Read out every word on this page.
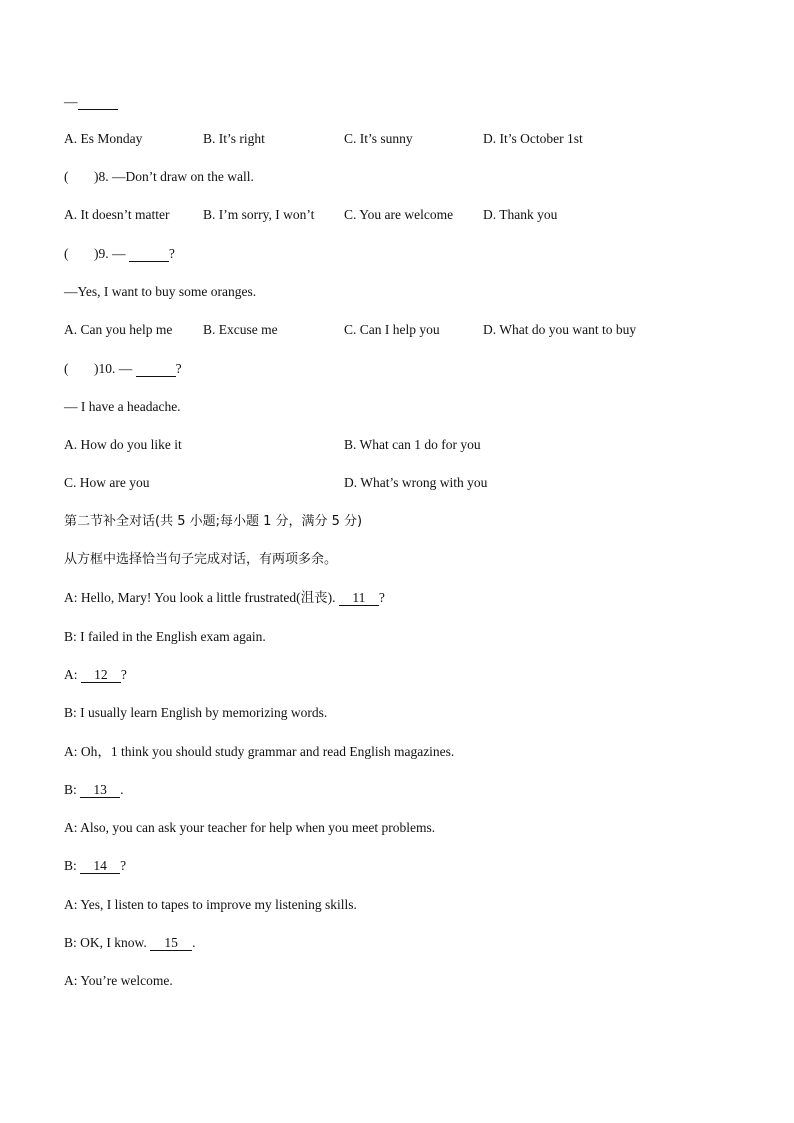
—
A. Es Monday	B. It’s right	C. It’s sunny	D. It’s October 1st
( )8. —Don’t draw on the wall.
A. It doesn’t matter B. I’m sorry, I won’t C. You are welcome D. Thank you
( )9. —	?
—Yes, I want to buy some oranges.
A. Can you help me B. Excuse me	C. Can I help you	D. What do you want to buy
( )10. —	?
— I have a headache.
A. How do you like it	B. What can 1 do for you
C. How are you	D. What’s wrong with you
第二节补全对话(共 5 小题;每小题 1 分，满分 5 分)
从方框中选择恰当句子完成对话，有两项多余。
A: Hello, Mary! You look a little frustrated(沮丧). 11 ?
B: I failed in the English exam again.
A: 12 ?
B: I usually learn English by memorizing words.
A: Oh，1 think you should study grammar and read English magazines.
B: 13 .
A: Also, you can ask your teacher for help when you meet problems.
B: 14 ?
A: Yes, I listen to tapes to improve my listening skills.
B: OK, I know. 15 .
A: You’re welcome.
